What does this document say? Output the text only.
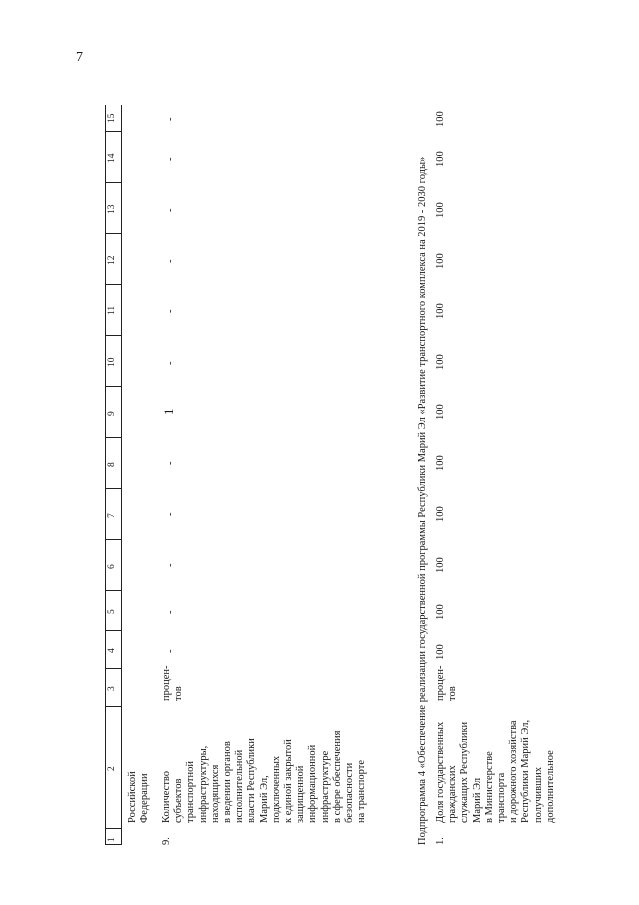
7
1
2
3
4
5
6
7
8
9
10
11
12
13
14
15
Российской
Федерации
9.
Количество
субъектов
транспортной
инфраструктуры,
находящихся
в ведении органов
исполнительной
власти Республики
Марий Эл,
подключенных
к единой закрытой
защищенной
информационной
инфраструктуре
в сфере обеспечения
безопасности
на транспорте
процен-
тов
-
-
-
-
-
1
-
-
-
-
-
-
Подпрограмма 4 «Обеспечение реализации государственной программы Республики Марий Эл «Развитие транспортного комплекса на 2019 - 2030 годы» 1.
Доля государственных
гражданских
служащих Республики
Марий Эл
в Министерстве
транспорта
и дорожного хозяйства
Республики Марий Эл,
получивших
дополнительное
процен-
тов
100
100
100
100
100
100
100
100
100
100
100
100
